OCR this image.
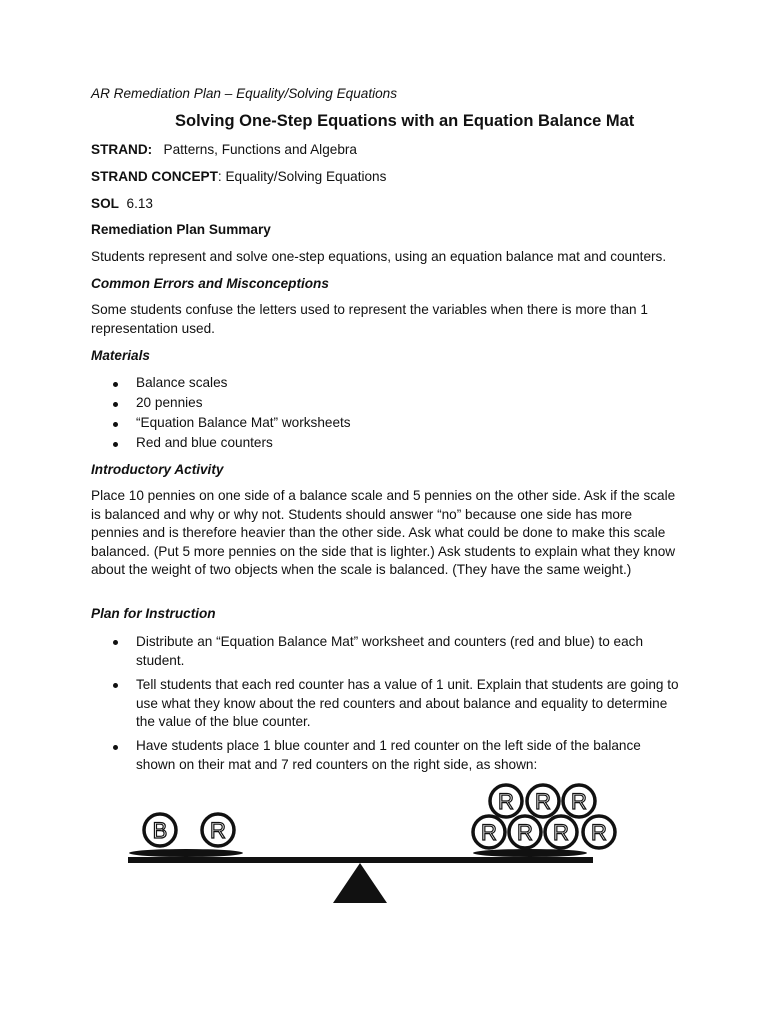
AR Remediation Plan – Equality/Solving Equations
Solving One-Step Equations with an Equation Balance Mat
STRAND: Patterns, Functions and Algebra
STRAND CONCEPT: Equality/Solving Equations
SOL 6.13
Remediation Plan Summary
Students represent and solve one-step equations, using an equation balance mat and counters.
Common Errors and Misconceptions
Some students confuse the letters used to represent the variables when there is more than 1 representation used.
Materials
Balance scales
20 pennies
“Equation Balance Mat” worksheets
Red and blue counters
Introductory Activity
Place 10 pennies on one side of a balance scale and 5 pennies on the other side. Ask if the scale is balanced and why or why not. Students should answer “no” because one side has more pennies and is therefore heavier than the other side. Ask what could be done to make this scale balanced. (Put 5 more pennies on the side that is lighter.) Ask students to explain what they know about the weight of two objects when the scale is balanced. (They have the same weight.)
Plan for Instruction
Distribute an “Equation Balance Mat” worksheet and counters (red and blue) to each student.
Tell students that each red counter has a value of 1 unit. Explain that students are going to use what they know about the red counters and about balance and equality to determine the value of the blue counter.
Have students place 1 blue counter and 1 red counter on the left side of the balance shown on their mat and 7 red counters on the right side, as shown:
B R	R R R R
R R R
